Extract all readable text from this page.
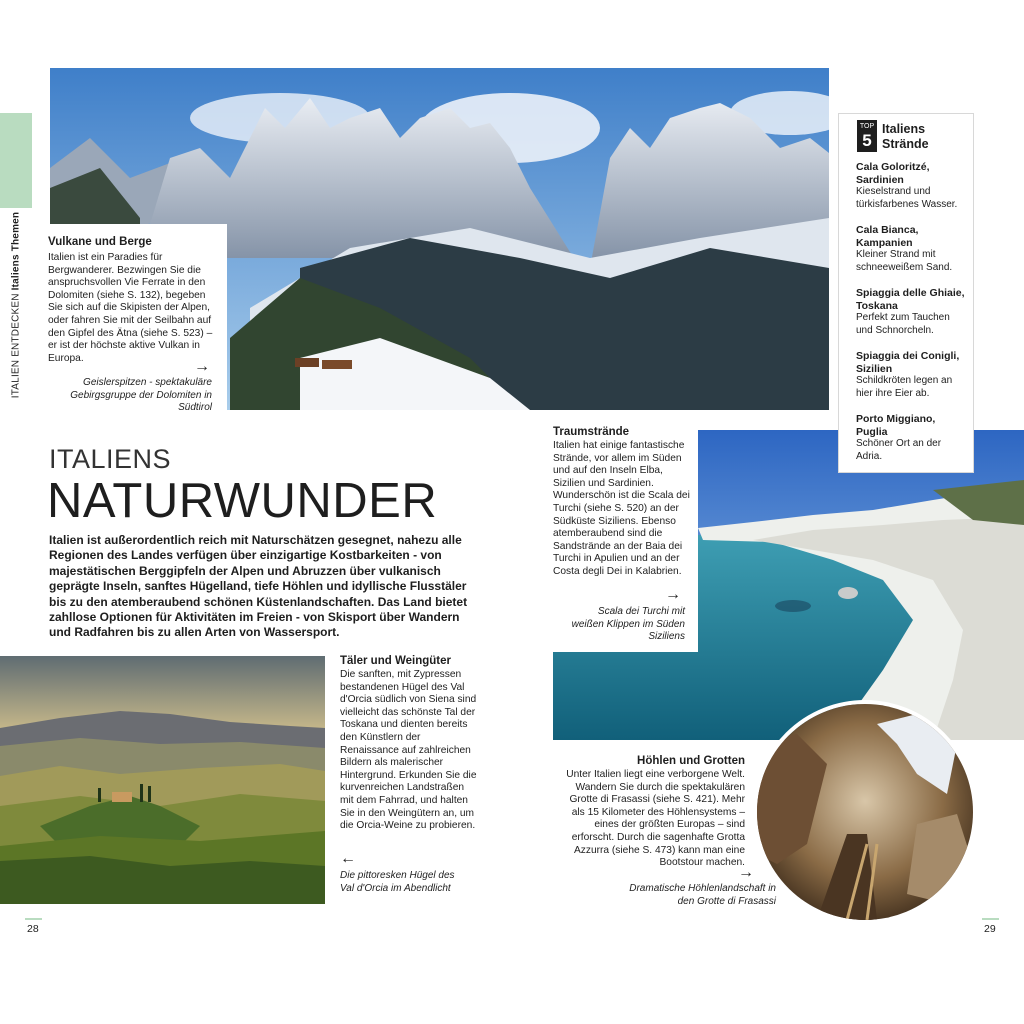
ITALIEN ENTDECKEN Italiens Themen Vulkane und Berge
Italien ist ein Paradies für Bergwanderer. Bezwingen Sie die anspruchsvollen Vie Ferrate in den Dolomiten (siehe S. 132), begeben Sie sich auf die Skipisten der Alpen, oder fahren Sie mit der Seilbahn auf den Gipfel des Ätna (siehe S. 523) – er ist der höchste aktive Vulkan in Europa.	→
Geislerspitzen - spektakuläre Gebirgsgruppe der Dolomiten in Südtirol
TOP
5
Italiens Strände
Cala Goloritzé, Sardinien
Kieselstrand und türkisfarbenes Wasser.
Cala Bianca, Kampanien
Kleiner Strand mit schneeweißem Sand.
Spiaggia delle Ghiaie, Toskana
Perfekt zum Tauchen und Schnorcheln.
Spiaggia dei Conigli, Sizilien
Schildkröten legen an hier ihre Eier ab.
Porto Miggiano, Puglia
Schöner Ort an der Adria.
ITALIENS
NATURWUNDER
Italien ist außerordentlich reich mit Naturschätzen gesegnet, nahezu alle Regionen des Landes verfügen über einzigartige Kostbarkeiten - von majestätischen Berggipfeln der Alpen und Abruzzen über vulkanisch geprägte Inseln, sanftes Hügelland, tiefe Höhlen und idyllische Flusstäler bis zu den atemberaubend schönen Küstenlandschaften. Das Land bietet zahllose Optionen für Aktivitäten im Freien - von Skisport über Wandern und Radfahren bis zu allen Arten von Wassersport.
Traumstrände
Italien hat einige fantastische Strände, vor allem im Süden und auf den Inseln Elba, Sizilien und Sardinien. Wunderschön ist die Scala dei Turchi (siehe S. 520) an der Südküste Siziliens. Ebenso atemberaubend sind die Sandstrände an der Baia dei Turchi in Apulien und an der Costa degli Dei in Kalabrien.
→
Scala dei Turchi mit weißen Klippen im Süden Siziliens
Täler und Weingüter
Die sanften, mit Zypressen bestandenen Hügel des Val d'Orcia südlich von Siena sind vielleicht das schönste Tal der Toskana und dienten bereits den Künstlern der Renaissance auf zahlreichen Bildern als malerischer Hintergrund. Erkunden Sie die kurvenreichen Landstraßen mit dem Fahrrad, und halten Sie in den Weingütern an, um die Orcia-Weine zu probieren.
←
Die pittoresken Hügel des Val d'Orcia im Abendlicht
Höhlen und Grotten
Unter Italien liegt eine verborgene Welt. Wandern Sie durch die spektakulären Grotte di Frasassi (siehe S. 421). Mehr als 15 Kilometer des Höhlensystems – eines der größten Europas – sind erforscht. Durch die sagenhafte Grotta Azzurra (siehe S. 473) kann man eine Bootstour machen.
→
Dramatische Höhlenlandschaft in den Grotte di Frasassi
28	29
